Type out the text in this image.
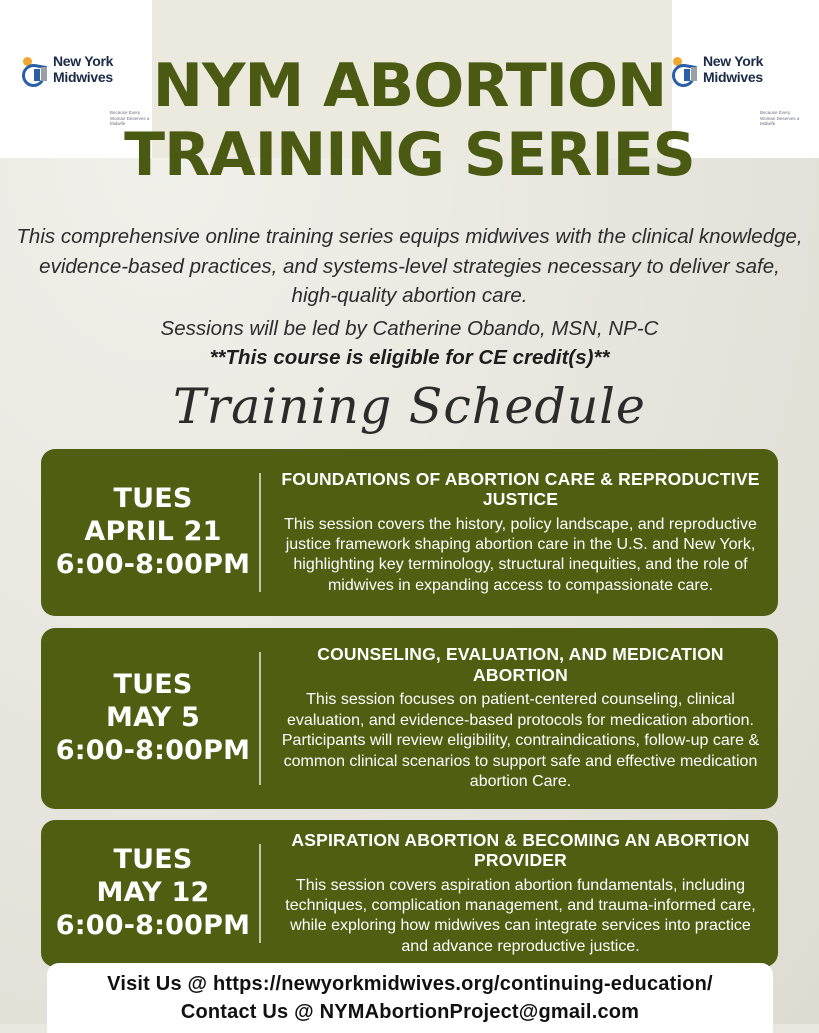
New York
Midwives
Because Every Woman Deserves a Midwife
New York
Midwives
Because Every Woman Deserves a Midwife
NYM ABORTION
TRAINING SERIES
This comprehensive online training series equips midwives with the clinical knowledge, evidence-based practices, and systems-level strategies necessary to deliver safe, high-quality abortion care.
Sessions will be led by Catherine Obando, MSN, NP-C
**This course is eligible for CE credit(s)**
Training Schedule
TUES
APRIL 21
6:00-8:00PM
FOUNDATIONS OF ABORTION CARE & REPRODUCTIVE JUSTICE
This session covers the history, policy landscape, and reproductive justice framework shaping abortion care in the U.S. and New York, highlighting key terminology, structural inequities, and the role of midwives in expanding access to compassionate care.
TUES
MAY 5
6:00-8:00PM
COUNSELING, EVALUATION, AND MEDICATION ABORTION
This session focuses on patient-centered counseling, clinical evaluation, and evidence-based protocols for medication abortion. Participants will review eligibility, contraindications, follow-up care & common clinical scenarios to support safe and effective medication abortion Care.
TUES
MAY 12
6:00-8:00PM
ASPIRATION ABORTION & BECOMING AN ABORTION PROVIDER
This session covers aspiration abortion fundamentals, including techniques, complication management, and trauma-informed care, while exploring how midwives can integrate services into practice and advance reproductive justice.
Visit Us @ https://newyorkmidwives.org/continuing-education/
Contact Us @ NYMAbortionProject@gmail.com
